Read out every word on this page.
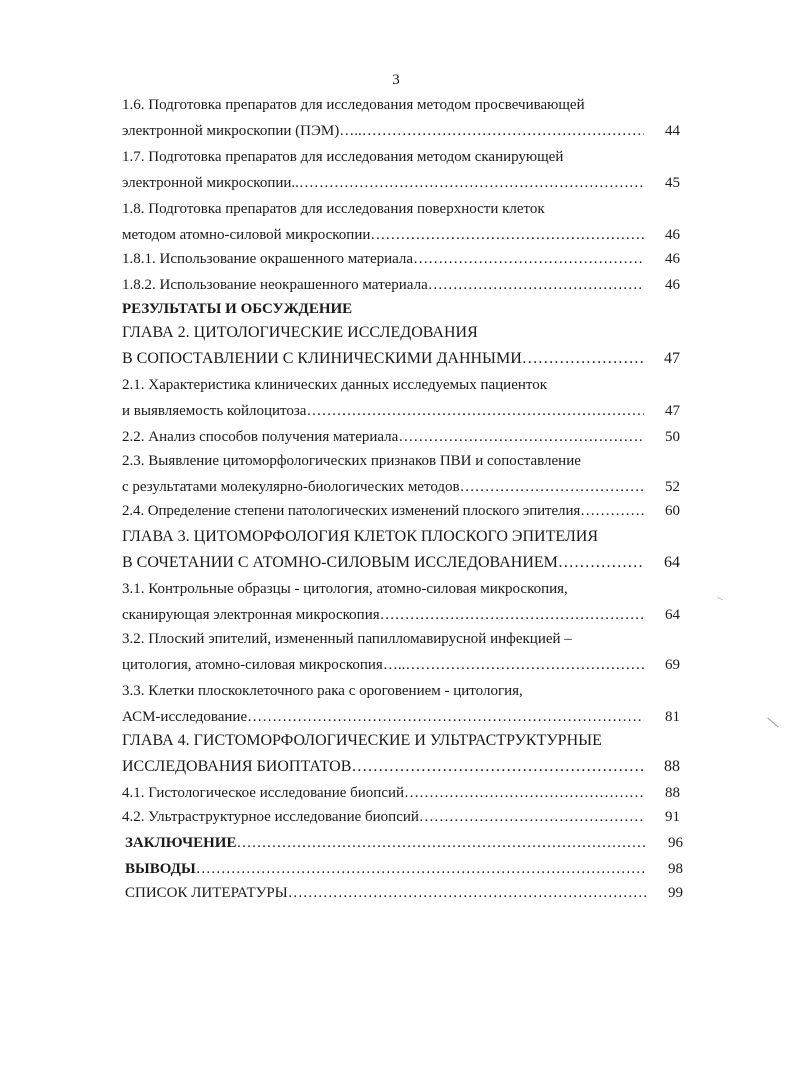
3
1.6. Подготовка препаратов для исследования методом просвечивающей
электронной микроскопии (ПЭМ)….. ……………………………………………………………………………………………………………………………………………………………………………………	44
1.7. Подготовка препаратов для исследования методом сканирующей
электронной микроскопии.. ……………………………………………………………………………………………………………………………………………………………………………………	45
1.8. Подготовка препаратов для исследования поверхности клеток
методом атомно-силовой микроскопии ……………………………………………………………………………………………………………………………………………………………………………………	46
1.8.1. Использование окрашенного материала ……………………………………………………………………………………………………………………………………………………………………………………	46
1.8.2. Использование неокрашенного материала ……………………………………………………………………………………………………………………………………………………………………………………	46
РЕЗУЛЬТАТЫ И ОБСУЖДЕНИЕ
ГЛАВА 2. ЦИТОЛОГИЧЕСКИЕ ИССЛЕДОВАНИЯ
В СОПОСТАВЛЕНИИ С КЛИНИЧЕСКИМИ ДАННЫМИ ……………………………………………………………………………………………………………………………………………………………………………………	47
2.1. Характеристика клинических данных исследуемых пациенток
и выявляемость койлоцитоза ……………………………………………………………………………………………………………………………………………………………………………………	47
2.2. Анализ способов получения материала ……………………………………………………………………………………………………………………………………………………………………………………	50
2.3. Выявление цитоморфологических признаков ПВИ и сопоставление
с результатами молекулярно-биологических методов ……………………………………………………………………………………………………………………………………………………………………………………	52
2.4. Определение степени патологических изменений плоского эпителия ……………………………………………………………………………………………………………………………………………………………………………………	60
ГЛАВА 3. ЦИТОМОРФОЛОГИЯ КЛЕТОК ПЛОСКОГО ЭПИТЕЛИЯ
В СОЧЕТАНИИ С АТОМНО-СИЛОВЫМ ИССЛЕДОВАНИЕМ ……………………………………………………………………………………………………………………………………………………………………………………	64
3.1. Контрольные образцы - цитология, атомно-силовая микроскопия,
сканирующая электронная микроскопия ……………………………………………………………………………………………………………………………………………………………………………………	64
3.2. Плоский эпителий, измененный папилломавирусной инфекцией –
цитология, атомно-силовая микроскопия….. ……………………………………………………………………………………………………………………………………………………………………………………	69
3.3. Клетки плоскоклеточного рака с ороговением - цитология,
АСМ-исследование ……………………………………………………………………………………………………………………………………………………………………………………	81
ГЛАВА 4. ГИСТОМОРФОЛОГИЧЕСКИЕ И УЛЬТРАСТРУКТУРНЫЕ
ИССЛЕДОВАНИЯ БИОПТАТОВ ……………………………………………………………………………………………………………………………………………………………………………………	88
4.1. Гистологическое исследование биопсий ……………………………………………………………………………………………………………………………………………………………………………………	88
4.2. Ультраструктурное исследование биопсий ……………………………………………………………………………………………………………………………………………………………………………………	91
ЗАКЛЮЧЕНИЕ ……………………………………………………………………………………………………………………………………………………………………………………	96
ВЫВОДЫ ……………………………………………………………………………………………………………………………………………………………………………………	98
СПИСОК ЛИТЕРАТУРЫ ……………………………………………………………………………………………………………………………………………………………………………………	99
